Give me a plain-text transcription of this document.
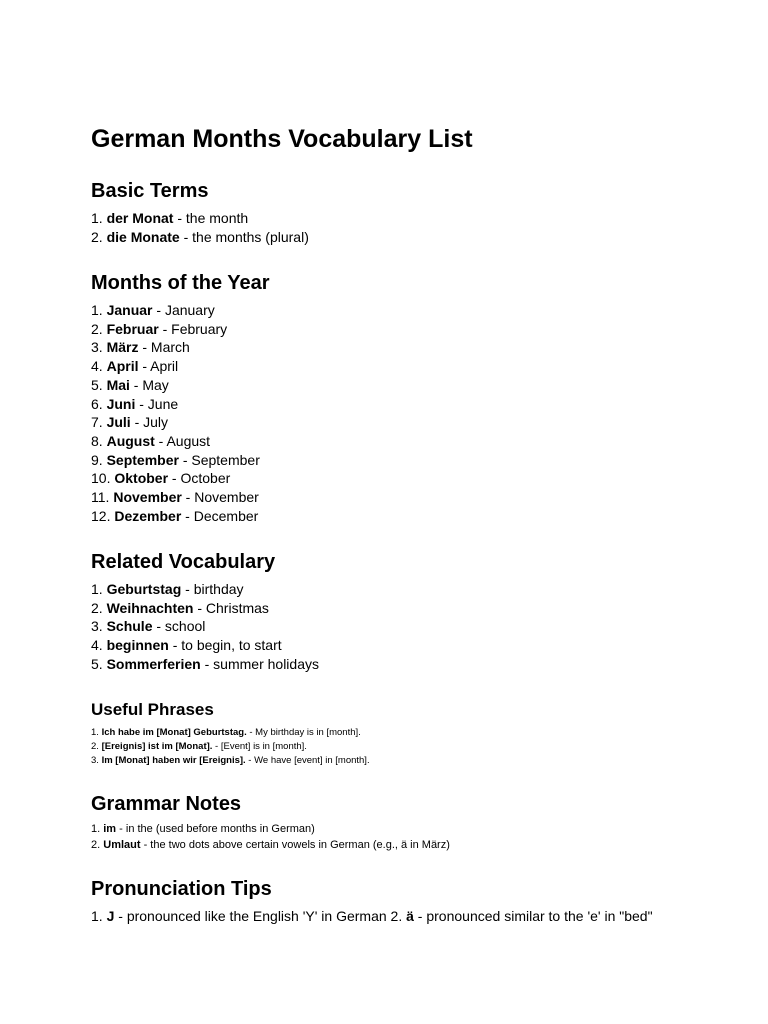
German Months Vocabulary List
Basic Terms
1. der Monat - the month
2. die Monate - the months (plural)
Months of the Year
1. Januar - January
2. Februar - February
3. März - March
4. April - April
5. Mai - May
6. Juni - June
7. Juli - July
8. August - August
9. September - September
10. Oktober - October
11. November - November
12. Dezember - December
Related Vocabulary
1. Geburtstag - birthday
2. Weihnachten - Christmas
3. Schule - school
4. beginnen - to begin, to start
5. Sommerferien - summer holidays
Useful Phrases
1. Ich habe im [Monat] Geburtstag. - My birthday is in [month].
2. [Ereignis] ist im [Monat]. - [Event] is in [month].
3. Im [Monat] haben wir [Ereignis]. - We have [event] in [month].
Grammar Notes
1. im - in the (used before months in German)
2. Umlaut - the two dots above certain vowels in German (e.g., ä in März)
Pronunciation Tips
1. J - pronounced like the English 'Y' in German 2. ä - pronounced similar to the 'e' in "bed"
